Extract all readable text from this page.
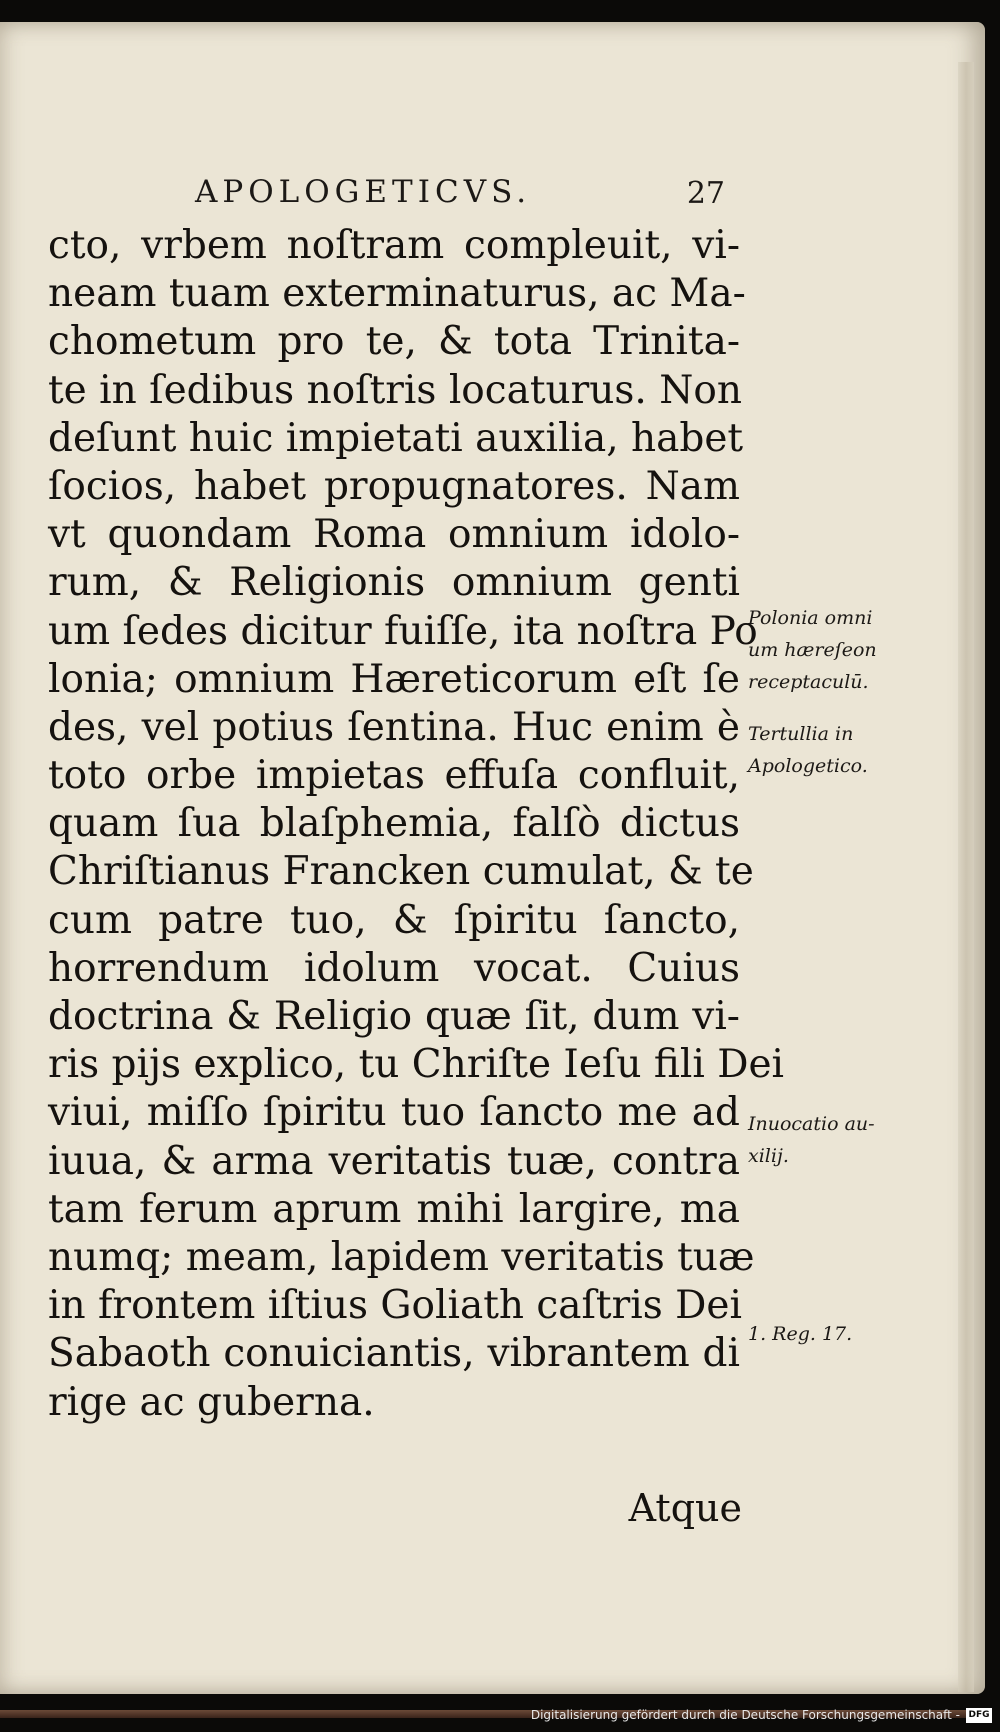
APOLOGETICVS.	27
cto, vrbem noſtram compleuit, vi-
neam tuam exterminaturus, ac Ma-
chometum pro te, & tota Trinita-
te in ſedibus noſtris locaturus. Non
deſunt huic impietati auxilia, habet
ſocios, habet propugnatores. Nam
vt quondam Roma omnium idolo-
rum, & Religionis omnium genti
um ſedes dicitur fuiſſe, ita noſtra Po
lonia; omnium Hæreticorum eſt ſe
des, vel potius ſentina. Huc enim è
toto orbe impietas effuſa confluit,
quam ſua blaſphemia, falſò dictus
Chriſtianus Francken cumulat, & te
cum patre tuo, & ſpiritu ſancto,
horrendum idolum vocat. Cuius
doctrina & Religio quæ ſit, dum vi-
ris pijs explico, tu Chriſte Ieſu fili Dei
viui, miſſo ſpiritu tuo ſancto me ad
iuua, & arma veritatis tuæ, contra
tam ferum aprum mihi largire, ma
numq; meam, lapidem veritatis tuæ
in frontem iſtius Goliath caſtris Dei
Sabaoth conuiciantis, vibrantem di
rige ac guberna.
Polonia omni
um hæreſeon
receptaculū.
Tertullia in
Apologetico.
Inuocatio au-
xilij.
1. Reg. 17.
Atque
Digitalisierung gefördert durch die Deutsche Forschungsgemeinschaft - DFG
